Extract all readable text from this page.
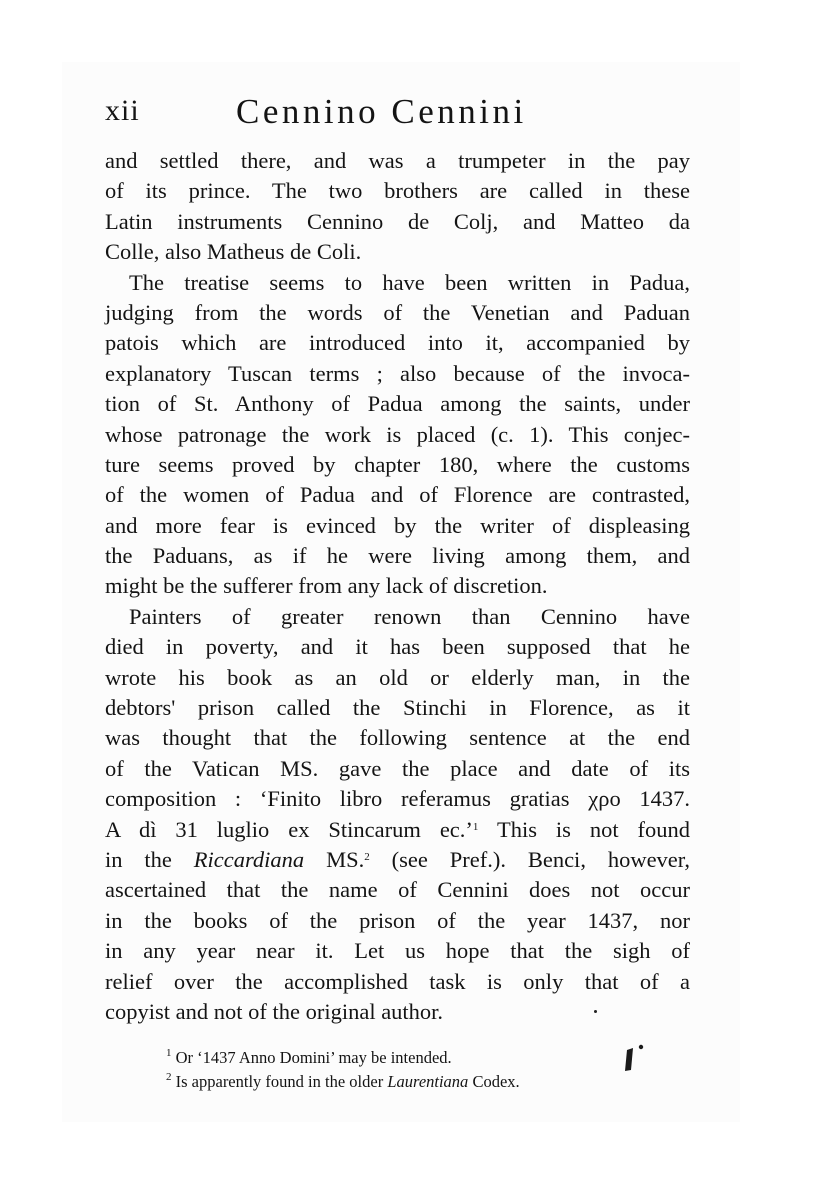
xii	Cennino Cennini
and settled there, and was a trumpeter in the pay
of its prince. The two brothers are called in these
Latin instruments Cennino de Colj, and Matteo da
Colle, also Matheus de Coli.
The treatise seems to have been written in Padua,
judging from the words of the Venetian and Paduan
patois which are introduced into it, accompanied by
explanatory Tuscan terms ; also because of the invoca-
tion of St. Anthony of Padua among the saints, under
whose patronage the work is placed (c. 1). This conjec-
ture seems proved by chapter 180, where the customs
of the women of Padua and of Florence are contrasted,
and more fear is evinced by the writer of displeasing
the Paduans, as if he were living among them, and
might be the sufferer from any lack of discretion.
Painters of greater renown than Cennino have
died in poverty, and it has been supposed that he
wrote his book as an old or elderly man, in the
debtors' prison called the Stinchi in Florence, as it
was thought that the following sentence at the end
of the Vatican MS. gave the place and date of its
composition : ‘Finito libro referamus gratias χρο 1437.
A dì 31 luglio ex Stincarum ec.’$^1$ This is not found
in the Riccardiana MS.$^2$ (see Pref.). Benci, however,
ascertained that the name of Cennini does not occur
in the books of the prison of the year 1437, nor
in any year near it. Let us hope that the sigh of
relief over the accomplished task is only that of a
copyist and not of the original author.
$^1$ Or ‘1437 Anno Domini’ may be intended.
$^2$ Is apparently found in the older Laurentiana Codex.
